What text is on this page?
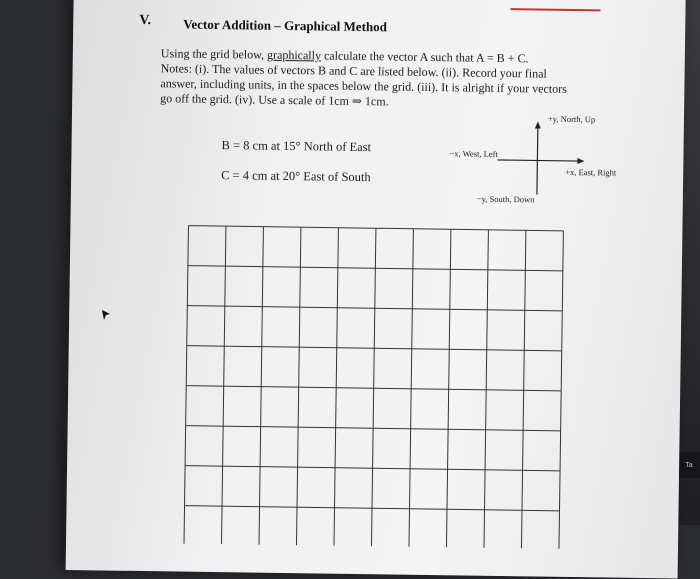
Ta
V. Vector Addition – Graphical Method
Using the grid below, graphically calculate the vector A such that A = B + C.
Notes: (i). The values of vectors B and C are listed below. (ii). Record your final
answer, including units, in the spaces below the grid. (iii). It is alright if your vectors
go off the grid. (iv). Use a scale of 1cm ⇒ 1cm.
B = 8 cm at 15° North of East
C = 4 cm at 20° East of South
+y, North, Up
−x, West, Left
+x, East, Right
−y, South, Down
